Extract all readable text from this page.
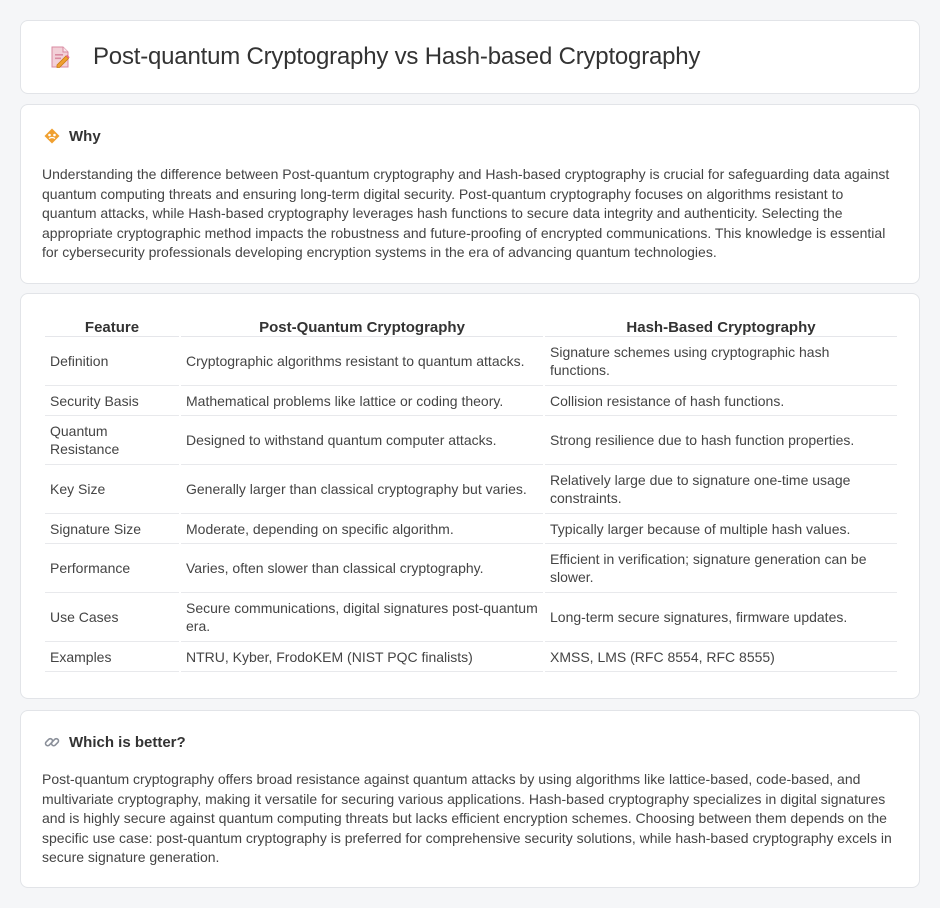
Post-quantum Cryptography vs Hash-based Cryptography
Why

Understanding the difference between Post-quantum cryptography and Hash-based cryptography is crucial for safeguarding data against quantum computing threats and ensuring long-term digital security. Post-quantum cryptography focuses on algorithms resistant to quantum attacks, while Hash-based cryptography leverages hash functions to secure data integrity and authenticity. Selecting the appropriate cryptographic method impacts the robustness and future-proofing of encrypted communications. This knowledge is essential for cybersecurity professionals developing encryption systems in the era of advancing quantum technologies.

Feature	Post-Quantum Cryptography	Hash-Based Cryptography
Definition	Cryptographic algorithms resistant to quantum attacks.	Signature schemes using cryptographic hash functions.
Security Basis	Mathematical problems like lattice or coding theory.	Collision resistance of hash functions.
Quantum Resistance	Designed to withstand quantum computer attacks.	Strong resilience due to hash function properties.
Key Size	Generally larger than classical cryptography but varies.	Relatively large due to signature one-time usage constraints.
Signature Size	Moderate, depending on specific algorithm.	Typically larger because of multiple hash values.
Performance	Varies, often slower than classical cryptography.	Efficient in verification; signature generation can be slower.
Use Cases	Secure communications, digital signatures post-quantum era.	Long-term secure signatures, firmware updates.
Examples	NTRU, Kyber, FrodoKEM (NIST PQC finalists)	XMSS, LMS (RFC 8554, RFC 8555)
Which is better?

Post-quantum cryptography offers broad resistance against quantum attacks by using algorithms like lattice-based, code-based, and multivariate cryptography, making it versatile for securing various applications. Hash-based cryptography specializes in digital signatures and is highly secure against quantum computing threats but lacks efficient encryption schemes. Choosing between them depends on the specific use case: post-quantum cryptography is preferred for comprehensive security solutions, while hash-based cryptography excels in secure signature generation.
